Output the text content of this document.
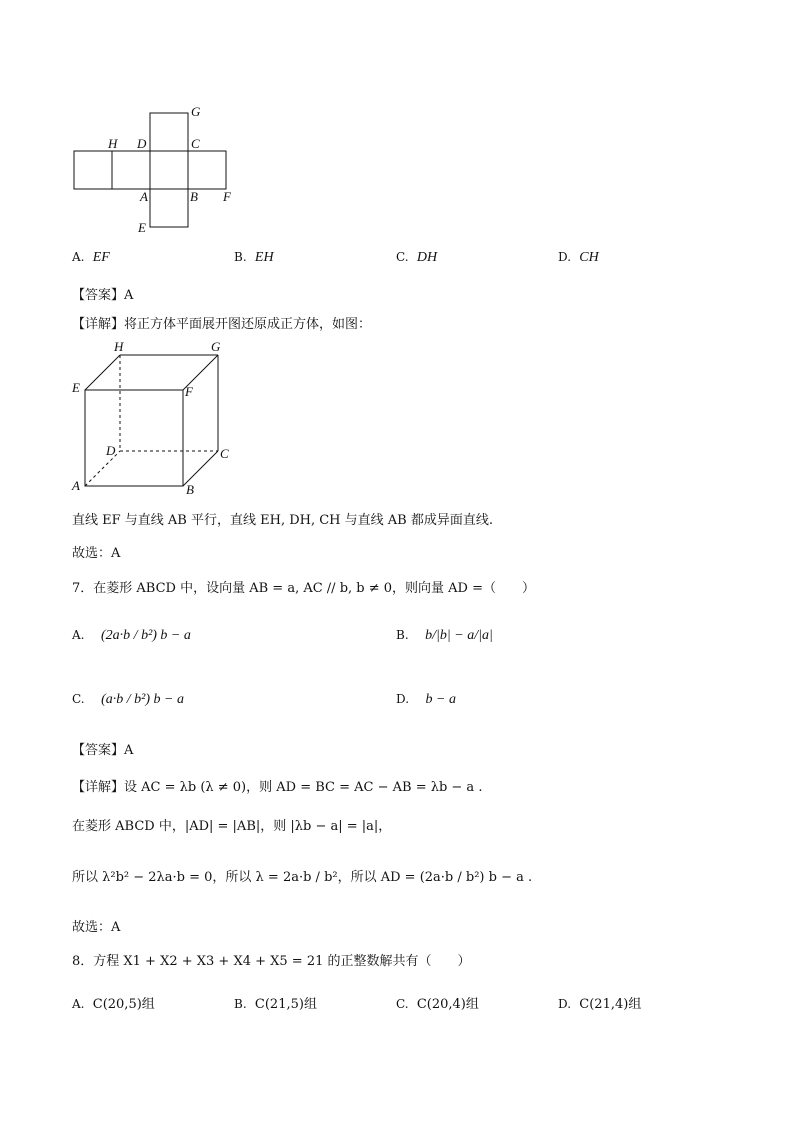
G
H D	C
A	B F
E
A. EF	B. EH	C. DH	D. CH
【答案】A
【详解】将正方体平面展开图还原成正方体，如图：
H	G
E	F
D	C
A	B
直线 EF 与直线 AB 平行，直线 EH, DH, CH 与直线 AB 都成异面直线.
故选：A
7．在菱形 ABCD 中，设向量 AB = a, AC // b, b ≠ 0，则向量 AD =（　　）
A. (2a·b / b²) b − a	B. b/|b| − a/|a|
C. (a·b / b²) b − a	D. b − a
【答案】A
【详解】设 AC = λb (λ ≠ 0)，则 AD = BC = AC − AB = λb − a .
在菱形 ABCD 中，|AD| = |AB|，则 |λb − a| = |a|，
所以 λ²b² − 2λa·b = 0，所以 λ = 2a·b / b²，所以 AD = (2a·b / b²) b − a .
故选：A
8．方程 X1 + X2 + X3 + X4 + X5 = 21 的正整数解共有（　　）
A. C(20,5)组	B. C(21,5)组	C. C(20,4)组	D. C(21,4)组
